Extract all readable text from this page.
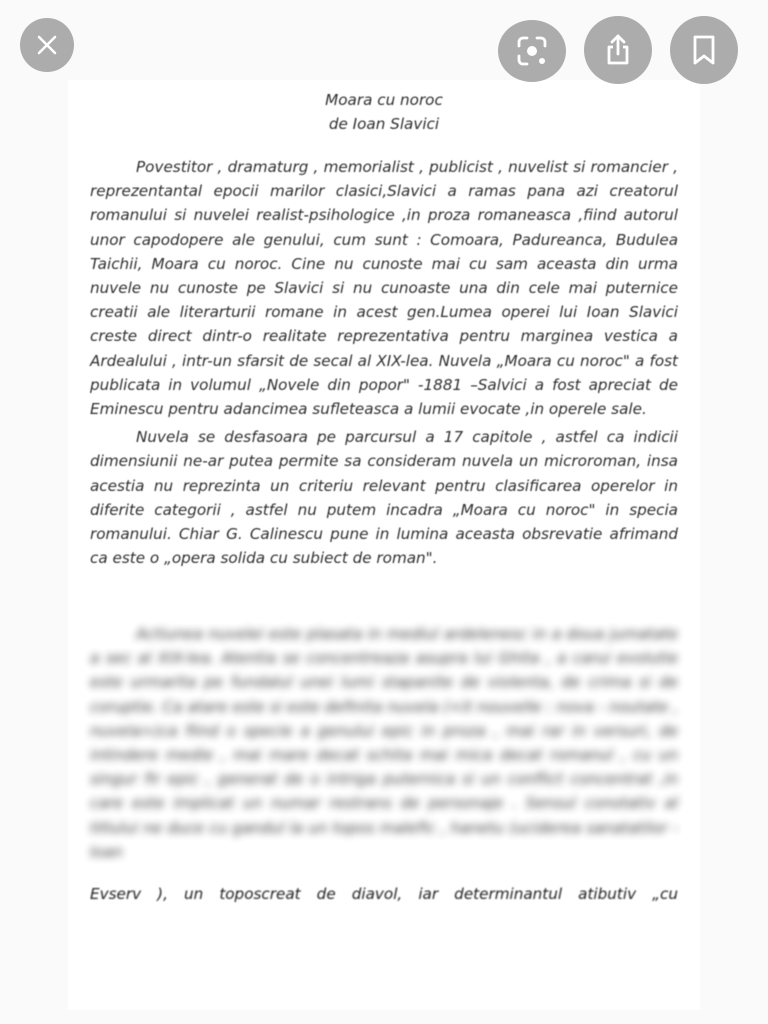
Moara cu noroc

de Ioan Slavici

Povestitor , dramaturg , memorialist , publicist , nuvelist si romancier , reprezentantal epocii marilor clasici,Slavici a ramas pana azi creatorul romanului si nuvelei realist-psihologice ,in proza romaneasca ,fiind autorul unor capodopere ale genului, cum sunt : Comoara, Padureanca, Budulea Taichii, Moara cu noroc. Cine nu cunoste mai cu sam aceasta din urma nuvele nu cunoste pe Slavici si nu cunoaste una din cele mai puternice creatii ale literarturii romane in acest gen.Lumea operei lui Ioan Slavici creste direct dintr-o realitate reprezentativa pentru marginea vestica a Ardealului , intr-un sfarsit de secal al XIX-lea. Nuvela „Moara cu noroc" a fost publicata in volumul „Novele din popor" -1881 –Salvici a fost apreciat de Eminescu pentru adancimea sufleteasca a lumii evocate ,in operele sale.

Nuvela se desfasoara pe parcursul a 17 capitole , astfel ca indicii dimensiunii ne-ar putea permite sa consideram nuvela un microroman, insa acestia nu reprezinta un criteriu relevant pentru clasificarea operelor in diferite categorii , astfel nu putem incadra „Moara cu noroc" in specia romanului. Chiar G. Calinescu pune in lumina aceasta obsrevatie afrimand ca este o „opera solida cu subiect de roman".

Actiunea nuvelei este plasata in mediul ardelenesc in a doua jumatate a sec al XIX-lea. Atentia se concentreaza asupra lui Ghita , a carui evolutie este urmarita pe fundalul unei lumi stapanite de violenta, de crima si de coruptie. Ca atare este si este definita nuvela (<it nouvelle : nova - noutate , nuvela>)ca fiind o specie a genului epic in proza , mai rar in versuri, de intindere medie , mai mare decat schita mai mica decat romanul , cu un singur fir epic , generat de o intriga puternica si un conflict concentrat ,in care este implicat un numar restrans de personaje . Sensul conotativ al titlului ne duce cu gandul la un topos malefic , hanetu (uciderea sanatatilor - Ioan

Evserv ), un toposcreat de diavol, iar determinantul atibutiv „cu
